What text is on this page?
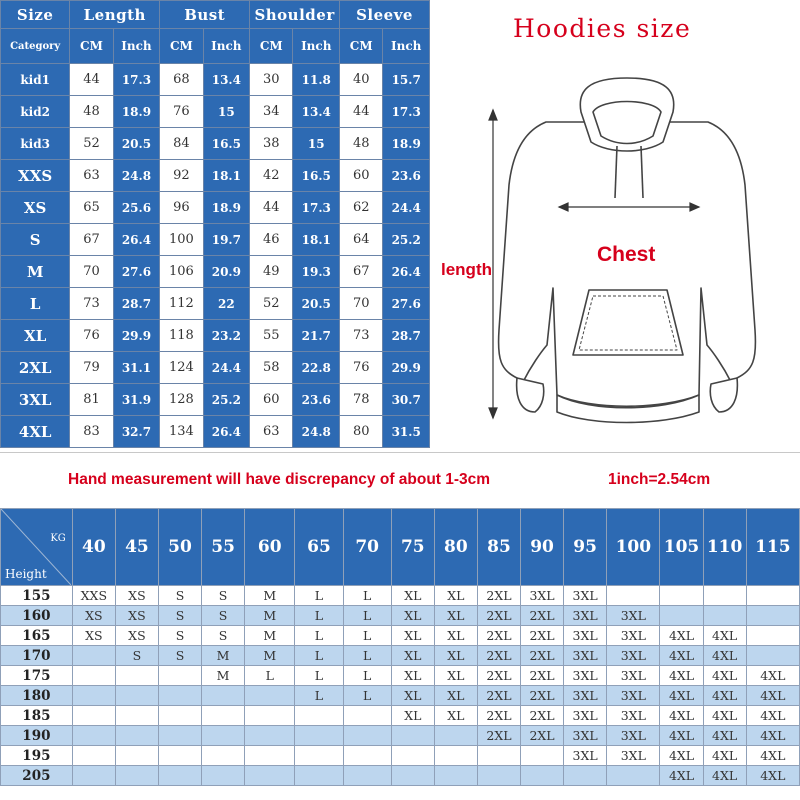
Size	Length		Bust		Shoulder		Sleeve	
Category	CM	Inch	CM	Inch	CM	Inch	CM	Inch
kid1	44	17.3	68	13.4	30	11.8	40	15.7
kid2	48	18.9	76	15	34	13.4	44	17.3
kid3	52	20.5	84	16.5	38	15	48	18.9
XXS	63	24.8	92	18.1	42	16.5	60	23.6
XS	65	25.6	96	18.9	44	17.3	62	24.4
S	67	26.4	100	19.7	46	18.1	64	25.2
M	70	27.6	106	20.9	49	19.3	67	26.4
L	73	28.7	112	22	52	20.5	70	27.6
XL	76	29.9	118	23.2	55	21.7	73	28.7
2XL	79	31.1	124	24.4	58	22.8	76	29.9
3XL	81	31.9	128	25.2	60	23.6	78	30.7
4XL	83	32.7	134	26.4	63	24.8	80	31.5
Hoodies size
Chest
length
Hand measurement will have discrepancy of about 1-3cm	1inch=2.54cm
KG
Height	40	45	50	55	60	65	70	75	80	85	90	95	100	105	110	115
155	XXS	XS	S	S	M	L	L	XL	XL	2XL	3XL	3XL				
160	XS	XS	S	S	M	L	L	XL	XL	2XL	2XL	3XL	3XL			
165	XS	XS	S	S	M	L	L	XL	XL	2XL	2XL	3XL	3XL	4XL	4XL	
170		S	S	M	M	L	L	XL	XL	2XL	2XL	3XL	3XL	4XL	4XL	
175				M	L	L	L	XL	XL	2XL	2XL	3XL	3XL	4XL	4XL	4XL
180						L	L	XL	XL	2XL	2XL	3XL	3XL	4XL	4XL	4XL
185								XL	XL	2XL	2XL	3XL	3XL	4XL	4XL	4XL
190										2XL	2XL	3XL	3XL	4XL	4XL	4XL
195												3XL	3XL	4XL	4XL	4XL
205														4XL	4XL	4XL
